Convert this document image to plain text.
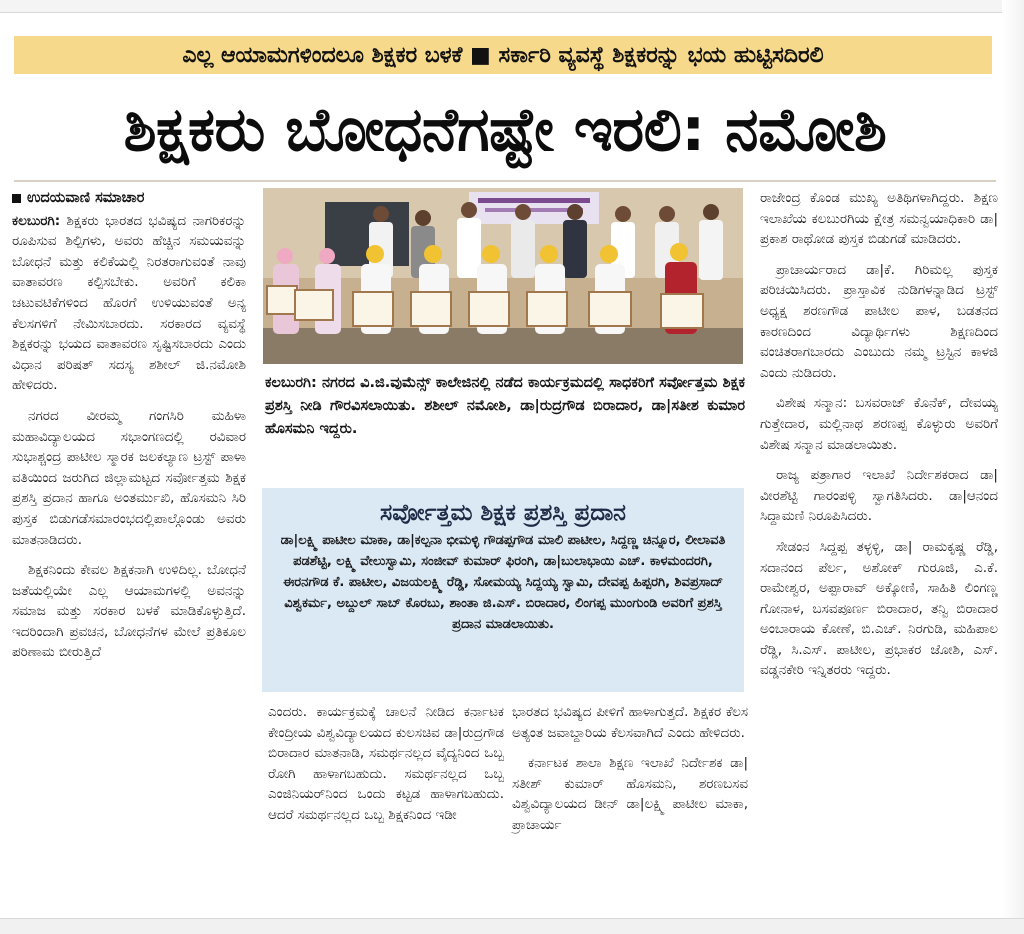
ಎಲ್ಲ ಆಯಾಮಗಳಿಂದಲೂ ಶಿಕ್ಷಕರ ಬಳಕೆ ■ ಸರ್ಕಾರಿ ವ್ಯವಸ್ಥೆ ಶಿಕ್ಷಕರನ್ನು ಭಯ ಹುಟ್ಟಿಸದಿರಲಿ
ಶಿಕ್ಷಕರು ಬೋಧನೆಗಷ್ಟೇ ಇರಲಿ: ನಮೋಶಿ
ಉದಯವಾಣಿ ಸಮಾಚಾರ

ಕಲಬುರಗಿ: ಶಿಕ್ಷಕರು ಭಾರತದ ಭವಿಷ್ಯದ ನಾಗರಿಕರನ್ನು ರೂಪಿಸುವ ಶಿಲ್ಪಿಗಳು, ಅವರು ಹೆಚ್ಚಿನ ಸಮಯವನ್ನು ಬೋಧನೆ ಮತ್ತು ಕಲಿಕೆಯಲ್ಲಿ ನಿರತರಾಗುವಂತೆ ನಾವು ವಾತಾವರಣ ಕಲ್ಪಿಸಬೇಕು. ಅವರಿಗೆ ಕಲಿಕಾ ಚಟುವಟಿಕೆಗಳಿಂದ ಹೊರಗೆ ಉಳಿಯುವಂತೆ ಅನ್ಯ ಕೆಲಸಗಳಿಗೆ ನೇಮಿಸಬಾರದು. ಸರಕಾರದ ವ್ಯವಸ್ಥೆ ಶಿಕ್ಷಕರನ್ನು ಭಯದ ವಾತಾವರಣ ಸೃಷ್ಟಿಸಬಾರದು ಎಂದು ವಿಧಾನ ಪರಿಷತ್ ಸದಸ್ಯ ಶಶೀಲ್ ಜಿ.ನಮೋಶಿ ಹೇಳಿದರು.

ನಗರದ ವೀರಮ್ಮ ಗಂಗಸಿರಿ ಮಹಿಳಾ ಮಹಾವಿದ್ಯಾಲಯದ ಸಭಾಂಗಣದಲ್ಲಿ ರವಿವಾರ ಸುಭಾಶ್ಚಂದ್ರ ಪಾಟೀಲ ಸ್ಮಾರಕ ಜಲಕಲ್ಯಾಣ ಟ್ರಸ್ಟ್ ಪಾಳಾ ವತಿಯಿಂದ ಜರುಗಿದ ಜಿಲ್ಲಾಮಟ್ಟದ ಸರ್ವೋತ್ತಮ ಶಿಕ್ಷಕ ಪ್ರಶಸ್ತಿ ಪ್ರದಾನ ಹಾಗೂ ಅಂತರ್ಮುಖಿ, ಹೊಸಮನಿ ಸಿರಿ ಪುಸ್ತಕ ಬಿಡುಗಡೆಸಮಾರಂಭದಲ್ಲಿಪಾಲ್ಗೊಂಡು ಅವರು ಮಾತನಾಡಿದರು.

ಶಿಕ್ಷಕನಿಂದು ಕೇವಲ ಶಿಕ್ಷಕನಾಗಿ ಉಳಿದಿಲ್ಲ. ಬೋಧನೆ ಜತೆಯಲ್ಲಿಯೇ ಎಲ್ಲ ಆಯಾಮಗಳಲ್ಲಿ ಅವನನ್ನು ಸಮಾಜ ಮತ್ತು ಸರಕಾರ ಬಳಕೆ ಮಾಡಿಕೊಳ್ಳುತ್ತಿದೆ. ಇದರಿಂದಾಗಿ ಪ್ರವಚನ, ಬೋಧನೆಗಳ ಮೇಲೆ ಪ್ರತಿಕೂಲ ಪರಿಣಾಮ ಬೀರುತ್ತಿದೆ

ಕಲಬುರಗಿ: ನಗರದ ವಿ.ಜಿ.ವುಮೆನ್ಸ್ ಕಾಲೇಜಿನಲ್ಲಿ ನಡೆದ ಕಾರ್ಯಕ್ರಮದಲ್ಲಿ ಸಾಧಕರಿಗೆ ಸರ್ವೋತ್ತಮ ಶಿಕ್ಷಕ ಪ್ರಶಸ್ತಿ ನೀಡಿ ಗೌರವಿಸಲಾಯಿತು. ಶಶೀಲ್ ನಮೋಶಿ, ಡಾ|ರುದ್ರಗೌಡ ಬಿರಾದಾರ, ಡಾ|ಸತೀಶ ಕುಮಾರ ಹೊಸಮನಿ ಇದ್ದರು.
ಸರ್ವೋತ್ತಮ ಶಿಕ್ಷಕ ಪ್ರಶಸ್ತಿ ಪ್ರದಾನ
ಡಾ|ಲಕ್ಷ್ಮಿ ಪಾಟೀಲ ಮಾಕಾ, ಡಾ|ಕಲ್ಪನಾ ಭೀಮಳ್ಳಿ ಗೌಡಪ್ಪಗೌಡ ಮಾಲಿ ಪಾಟೀಲ, ಸಿದ್ದಣ್ಣ ಚಿನ್ನೂರ, ಲೀಲಾವತಿ ಪಡಶೆಟ್ಟಿ, ಲಕ್ಷ್ಮಿ ವೇಲುಸ್ವಾಮಿ, ಸಂಜೀವ್ ಕುಮಾರ್ ಫಿರಂಗಿ, ಡಾ|ಬುಲಾಭಾಯಿ ಎಚ್. ಕಾಳಮಂದರಗಿ, ಈರನಗೌಡ ಕೆ. ಪಾಟೀಲ, ವಿಜಯಲಕ್ಷ್ಮಿ ರೆಡ್ಡಿ, ಸೋಮಯ್ಯ ಸಿದ್ದಯ್ಯ ಸ್ವಾಮಿ, ದೇವಪ್ಪ ಹಿಪ್ಪರಗಿ, ಶಿವಪ್ರಸಾದ್ ವಿಶ್ವಕರ್ಮ, ಅಬ್ದುಲ್ ಸಾಬ್ ಕೊರಬು, ಶಾಂತಾ ಜಿ.ಎಸ್. ಬಿರಾದಾರ, ಲಿಂಗಪ್ಪ ಮುಂಗುಂಡಿ ಅವರಿಗೆ ಪ್ರಶಸ್ತಿ ಪ್ರದಾನ ಮಾಡಲಾಯಿತು.

ಎಂದರು. ಕಾರ್ಯಕ್ರಮಕ್ಕೆ ಚಾಲನೆ ನೀಡಿದ ಕರ್ನಾಟಕ ಕೇಂದ್ರೀಯ ವಿಶ್ವವಿದ್ಯಾಲಯದ ಕುಲಸಚಿವ ಡಾ|ರುದ್ರಗೌಡ ಬಿರಾದಾರ ಮಾತನಾಡಿ, ಸಮರ್ಥನಲ್ಲದ ವೈದ್ಯನಿಂದ ಒಬ್ಬ ರೋಗಿ ಹಾಳಾಗಬಹುದು. ಸಮರ್ಥನಲ್ಲದ ಒಬ್ಬ ಎಂಜಿನಿಯರ್‌ನಿಂದ ಒಂದು ಕಟ್ಟಡ ಹಾಳಾಗಬಹುದು. ಆದರೆ ಸಮರ್ಥನಲ್ಲದ ಒಬ್ಬ ಶಿಕ್ಷಕನಿಂದ ಇಡೀ

ಭಾರತದ ಭವಿಷ್ಯದ ಪೀಳಿಗೆ ಹಾಳಾಗುತ್ತದೆ. ಶಿಕ್ಷಕರ ಕೆಲಸ ಅತ್ಯಂತ ಜವಾಬ್ದಾರಿಯ ಕೆಲಸವಾಗಿದೆ ಎಂದು ಹೇಳಿದರು.

ಕರ್ನಾಟಕ ಶಾಲಾ ಶಿಕ್ಷಣ ಇಲಾಖೆ ನಿರ್ದೇಶಕ ಡಾ|ಸತೀಶ್ ಕುಮಾರ್ ಹೊಸಮನಿ, ಶರಣಬಸವ ವಿಶ್ವವಿದ್ಯಾಲಯದ ಡೀನ್ ಡಾ|ಲಕ್ಷ್ಮಿ ಪಾಟೀಲ ಮಾಕಾ, ಪ್ರಾಚಾರ್ಯ

ರಾಜೇಂದ್ರ ಕೊಂಡ ಮುಖ್ಯ ಅತಿಥಿಗಳಾಗಿದ್ದರು. ಶಿಕ್ಷಣ ಇಲಾಖೆಯ ಕಲಬುರಗಿಯ ಕ್ಷೇತ್ರ ಸಮನ್ವಯಾಧಿಕಾರಿ ಡಾ|ಪ್ರಕಾಶ ರಾಥೋಡ ಪುಸ್ತಕ ಬಿಡುಗಡೆ ಮಾಡಿದರು.

ಪ್ರಾಚಾರ್ಯರಾದ ಡಾ|ಕೆ. ಗಿರಿಮಲ್ಲ ಪುಸ್ತಕ ಪರಿಚಯಿಸಿದರು. ಪ್ರಾಸ್ತಾವಿಕ ನುಡಿಗಳನ್ನಾಡಿದ ಟ್ರಸ್ಟ್ ಅಧ್ಯಕ್ಷ ಶರಣಗೌಡ ಪಾಟೀಲ ಪಾಳ, ಬಡತನದ ಕಾರಣದಿಂದ ವಿದ್ಯಾರ್ಥಿಗಳು ಶಿಕ್ಷಣದಿಂದ ವಂಚಿತರಾಗಬಾರದು ಎಂಬುದು ನಮ್ಮ ಟ್ರಸ್ಟಿನ ಕಾಳಜಿ ಎಂದು ನುಡಿದರು.

ವಿಶೇಷ ಸನ್ಮಾನ: ಬಸವರಾಜ್ ಕೊನೆಕ್, ದೇವಯ್ಯ ಗುತ್ತೇದಾರ, ಮಲ್ಲಿನಾಥ ಶರಣಪ್ಪ ಕೊಳ್ಳುರು ಅವರಿಗೆ ವಿಶೇಷ ಸನ್ಮಾನ ಮಾಡಲಾಯಿತು.

ರಾಜ್ಯ ಪತ್ರಾಗಾರ ಇಲಾಖೆ ನಿರ್ದೇಶಕರಾದ ಡಾ| ವೀರಶೆಟ್ಟಿ ಗಾರಂಪಳ್ಳಿ ಸ್ವಾಗತಿಸಿದರು. ಡಾ|ಆನಂದ ಸಿದ್ದಾಮಣಿ ನಿರೂಪಿಸಿದರು.

ಸೇಡಂನ ಸಿದ್ದಪ್ಪ ತಳ್ಳಳ್ಳಿ, ಡಾ| ರಾಮಕೃಷ್ಣ ರೆಡ್ಡಿ, ಸದಾನಂದ ಪೆರ್ಲ, ಅಶೋಕ್ ಗುರೂಜಿ, ಎ.ಕೆ. ರಾಮೇಶ್ವರ, ಅಪ್ಪಾರಾವ್ ಅಕ್ಕೋಣಿ, ಸಾಹಿತಿ ಲಿಂಗಣ್ಣ ಗೋನಾಳ, ಬಸವಪೂರ್ಣ ಬಿರಾದಾರ, ತನ್ವಿ ಬಿರಾದಾರ ಅಂಬಾರಾಯ ಕೋಣೆ, ಬಿ.ಎಚ್. ನಿರಗುಡಿ, ಮಹಿಪಾಲ ರೆಡ್ಡಿ, ಸಿ.ಎಸ್. ಪಾಟೀಲ, ಪ್ರಭಾಕರ ಜೋಶಿ, ಎಸ್. ವಡ್ಡನಕೇರಿ ಇನ್ನಿತರರು ಇದ್ದರು.
